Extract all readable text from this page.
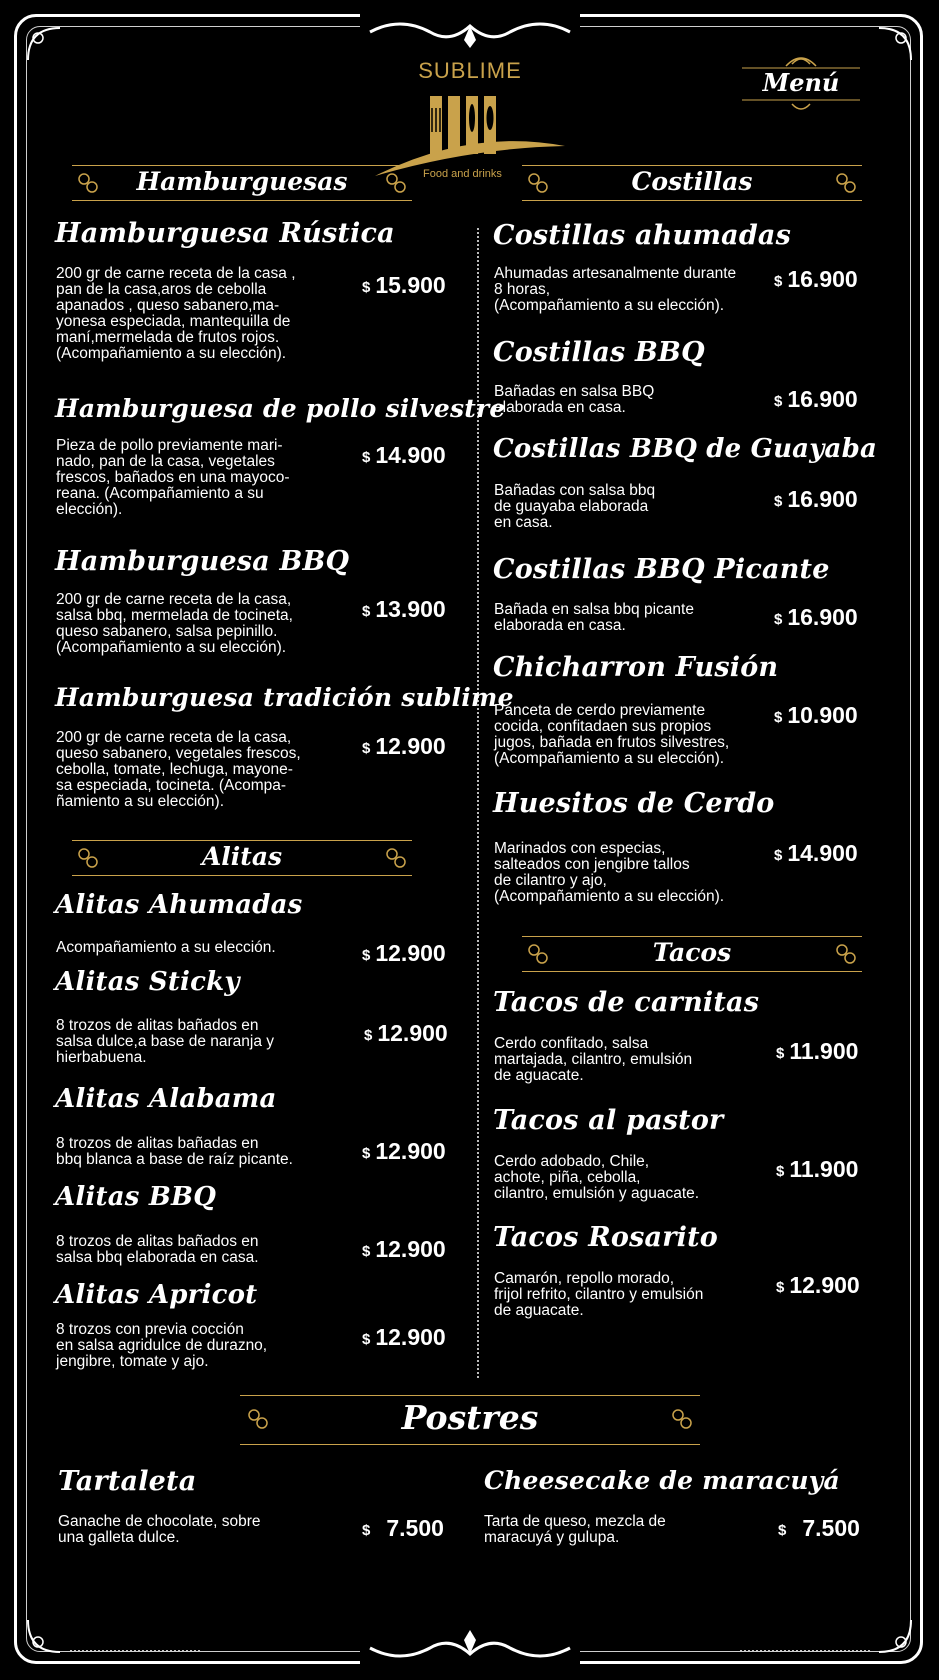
SUBLIME
Food and drinks
Menú
Hamburguesas	Costillas
Alitas
Tacos
Postres
Hamburguesa Rústica
200 gr de carne receta de la casa ,
pan de la casa,aros de cebolla
apanados , queso sabanero,ma-
yonesa especiada, mantequilla de
maní,mermelada de frutos rojos.
(Acompañamiento a su elección).
$ 15.900
Hamburguesa de pollo silvestre
Pieza de pollo previamente mari-
nado, pan de la casa, vegetales
frescos, bañados en una mayoco-
reana. (Acompañamiento a su
elección).
$ 14.900
Hamburguesa BBQ
200 gr de carne receta de la casa,
salsa bbq, mermelada de tocineta,
queso sabanero, salsa pepinillo.
(Acompañamiento a su elección).
$ 13.900
Hamburguesa tradición sublime
200 gr de carne receta de la casa,
queso sabanero, vegetales frescos,
cebolla, tomate, lechuga, mayone-
sa especiada, tocineta. (Acompa-
ñamiento a su elección).
$ 12.900
Alitas Ahumadas
Acompañamiento a su elección.	$ 12.900
Alitas Sticky
8 trozos de alitas bañados en
salsa dulce,a base de naranja y
hierbabuena.
$ 12.900
Alitas Alabama
8 trozos de alitas bañadas en
bbq blanca a base de raíz picante.	$ 12.900
Alitas BBQ
8 trozos de alitas bañados en
salsa bbq elaborada en casa.	$ 12.900
Alitas Apricot
8 trozos con previa cocción
en salsa agridulce de durazno,
jengibre, tomate y ajo.
$ 12.900
Costillas ahumadas
Ahumadas artesanalmente durante
8 horas,
(Acompañamiento a su elección).
$ 16.900
Costillas BBQ
Bañadas en salsa BBQ
elaborada en casa.	$ 16.900
Costillas BBQ de Guayaba
Bañadas con salsa bbq
de guayaba elaborada
en casa.
$ 16.900
Costillas BBQ Picante
Bañada en salsa bbq picante
elaborada en casa.	$ 16.900
Chicharron Fusión
Panceta de cerdo previamente
cocida, confitadaen sus propios
jugos, bañada en frutos silvestres,
(Acompañamiento a su elección).
$ 10.900
Huesitos de Cerdo
Marinados con especias,
salteados con jengibre tallos
de cilantro y ajo,
(Acompañamiento a su elección).
$ 14.900
Tacos de carnitas
Cerdo confitado, salsa
martajada, cilantro, emulsión
de aguacate.
$ 11.900
Tacos al pastor
Cerdo adobado, Chile,
achote, piña, cebolla,
cilantro, emulsión y aguacate.
$ 11.900
Tacos Rosarito
Camarón, repollo morado,
frijol refrito, cilantro y emulsión
de aguacate.
$ 12.900
Tartaleta
Ganache de chocolate, sobre
una galleta dulce.	$ 7.500
Cheesecake de maracuyá
Tarta de queso, mezcla de
maracuyá y gulupa.	$ 7.500
